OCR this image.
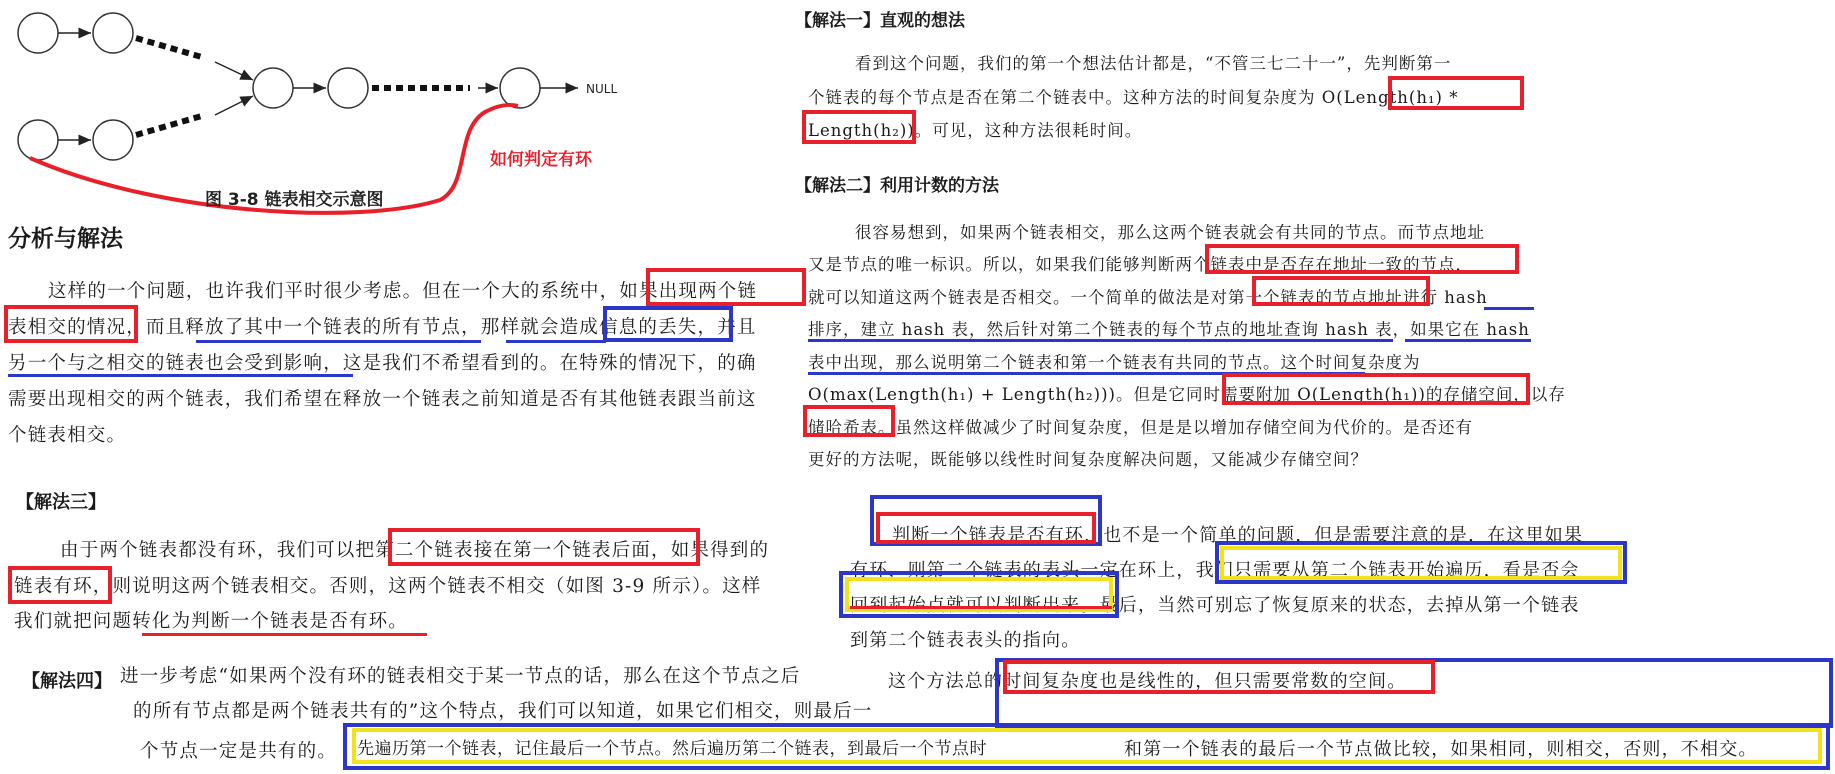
NULL
图 3-8 链表相交示意图
如何判定有环
分析与解法
这样的一个问题，也许我们平时很少考虑。但在一个大的系统中，如果出现两个链
表相交的情况，而且释放了其中一个链表的所有节点，那样就会造成信息的丢失，并且
另一个与之相交的链表也会受到影响，这是我们不希望看到的。在特殊的情况下，的确
需要出现相交的两个链表，我们希望在释放一个链表之前知道是否有其他链表跟当前这
个链表相交。
【解法三】
由于两个链表都没有环，我们可以把第二个链表接在第一个链表后面，如果得到的
链表有环，则说明这两个链表相交。否则，这两个链表不相交（如图 3-9 所示）。这样
我们就把问题转化为判断一个链表是否有环。
【解法四】 进一步考虑“如果两个没有环的链表相交于某一节点的话，那么在这个节点之后
的所有节点都是两个链表共有的”这个特点，我们可以知道，如果它们相交，则最后一
个节点一定是共有的。 先遍历第一个链表，记住最后一个节点。然后遍历第二个链表，到最后一个节点时
【解法一】直观的想法
看到这个问题，我们的第一个想法估计都是，“不管三七二十一”，先判断第一
个链表的每个节点是否在第二个链表中。这种方法的时间复杂度为 O(Length(h₁) *
Length(h₂))。可见，这种方法很耗时间。
【解法二】利用计数的方法
很容易想到，如果两个链表相交，那么这两个链表就会有共同的节点。而节点地址
又是节点的唯一标识。所以，如果我们能够判断两个链表中是否存在地址一致的节点，
就可以知道这两个链表是否相交。一个简单的做法是对第一个链表的节点地址进行 hash
排序，建立 hash 表，然后针对第二个链表的每个节点的地址查询 hash 表，如果它在 hash
表中出现，那么说明第二个链表和第一个链表有共同的节点。这个时间复杂度为
O(max(Length(h₁) + Length(h₂)))。但是它同时需要附加 O(Length(h₁))的存储空间，以存
储哈希表。虽然这样做减少了时间复杂度，但是是以增加存储空间为代价的。是否还有
更好的方法呢，既能够以线性时间复杂度解决问题，又能减少存储空间？
判断一个链表是否有环，也不是一个简单的问题，但是需要注意的是，在这里如果
有环，则第二个链表的表头一定在环上，我们只需要从第二个链表开始遍历，看是否会
回到起始点就可以判断出来。最后，当然可别忘了恢复原来的状态，去掉从第一个链表
到第二个链表表头的指向。
这个方法总的时间复杂度也是线性的，但只需要常数的空间。
和第一个链表的最后一个节点做比较，如果相同，则相交，否则，不相交。
